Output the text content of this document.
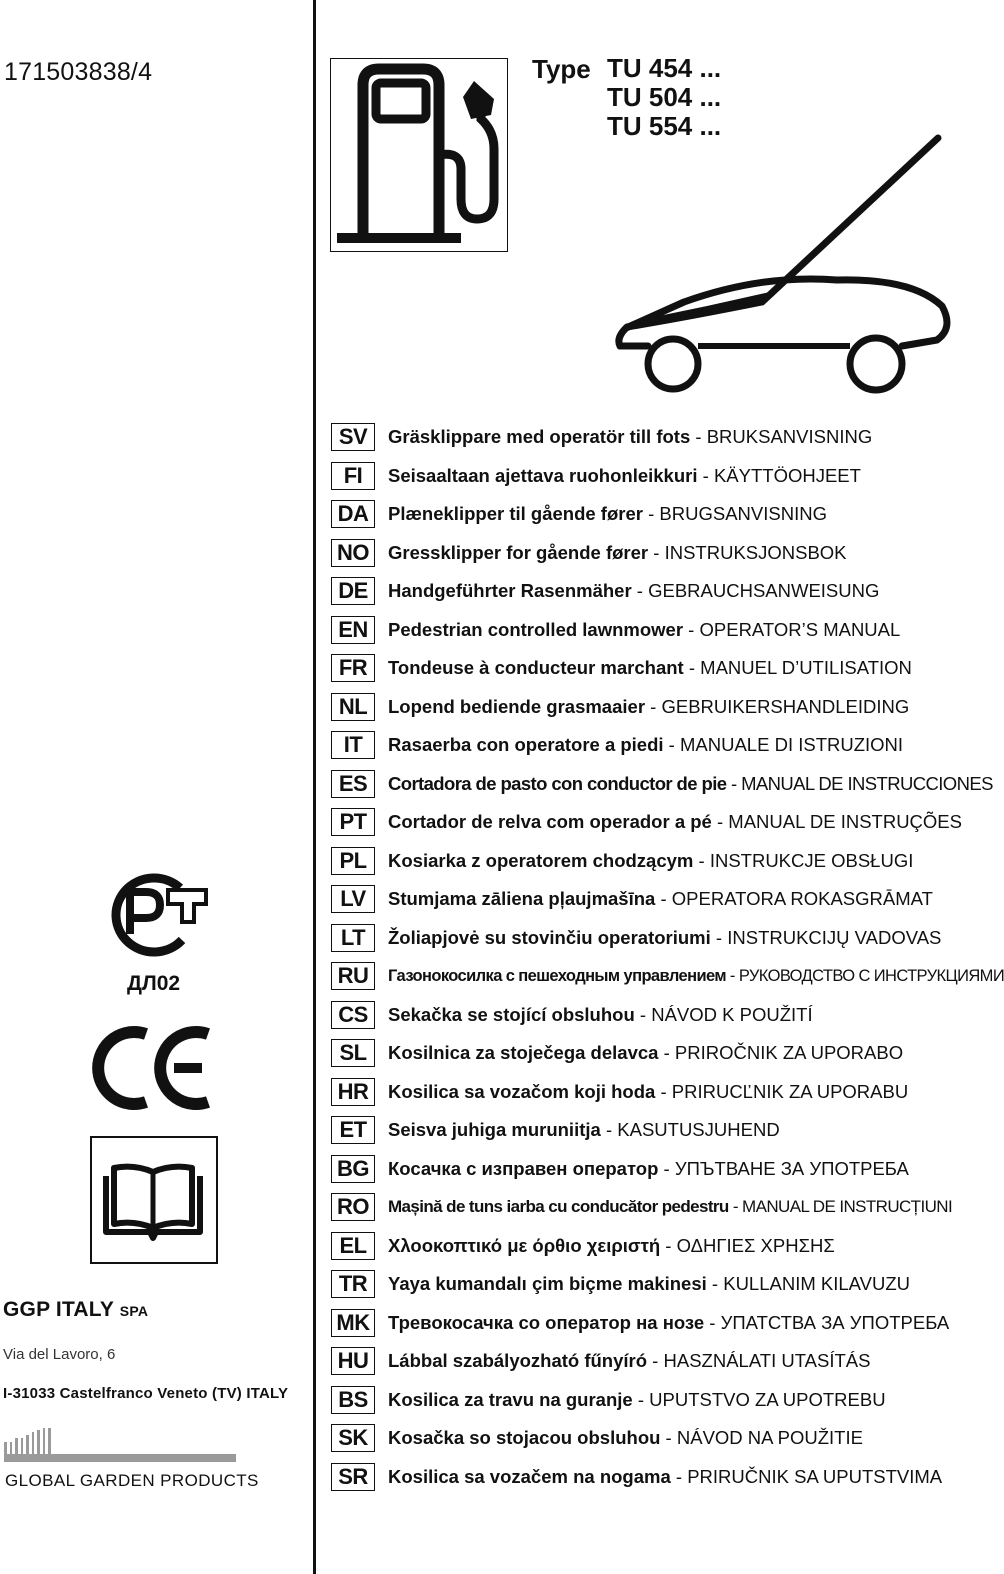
171503838/4	Type TU 454 ...
TU 504 ...
TU 554 ...
SV	Gräsklippare med operatör till fots - BRUKSANVISNING
FI	Seisaaltaan ajettava ruohonleikkuri - KÄYTTÖOHJEET
DA	Plæneklipper til gående fører - BRUGSANVISNING
NO	Gressklipper for gående fører - INSTRUKSJONSBOK
DE	Handgeführter Rasenmäher - GEBRAUCHSANWEISUNG
EN	Pedestrian controlled lawnmower - OPERATOR’S MANUAL
FR	Tondeuse à conducteur marchant - MANUEL D’UTILISATION
NL	Lopend bediende grasmaaier - GEBRUIKERSHANDLEIDING
IT	Rasaerba con operatore a piedi - MANUALE DI ISTRUZIONI
ES	Cortadora de pasto con conductor de pie - MANUAL DE INSTRUCCIONES
PT	Cortador de relva com operador a pé - MANUAL DE INSTRUÇÕES
PL	Kosiarka z operatorem chodzącym - INSTRUKCJE OBSŁUGI
LV	Stumjama zāliena pļaujmašīna - OPERATORA ROKASGRĀMAT
LT	Žoliapjovė su stovinčiu operatoriumi - INSTRUKCIJŲ VADOVAS
RU	Газонокосилка с пешеходным управлением - РУКОВОДСТВО С ИНСТРУКЦИЯМИ
CS	Sekačka se stojící obsluhou - NÁVOD K POUŽITÍ
SL	Kosilnica za stoječega delavca - PRIROČNIK ZA UPORABO
HR	Kosilica sa vozačom koji hoda - PRIRUCĽNIK ZA UPORABU
ET	Seisva juhiga muruniitja - KASUTUSJUHEND
BG	Косачка с изправен оператор - УПЪТВАНЕ ЗА УПОТРЕБА
RO	Mașină de tuns iarba cu conducător pedestru - MANUAL DE INSTRUCȚIUNI
EL	Χλοοκοπτικό με όρθιο χειριστή - ΟΔΗΓΙΕΣ ΧΡΗΣΗΣ
TR	Yaya kumandalı çim biçme makinesi - KULLANIM KILAVUZU
MK Тревокосачка со оператор на нозе - УПАТСТВА ЗА УПОТРЕБА
HU	Lábbal szabályozható fűnyíró - HASZNÁLATI UTASÍTÁS
BS	Kosilica za travu na guranje - UPUTSTVO ZA UPOTREBU
SK	Kosačka so stojacou obsluhou - NÁVOD NA POUŽITIE
SR	Kosilica sa vozačem na nogama - PRIRUČNIK SA UPUTSTVIMA
ДЛ02
GGP ITALY SPA
Via del Lavoro, 6
I-31033 Castelfranco Veneto (TV) ITALY
GLOBAL GARDEN PRODUCTS
